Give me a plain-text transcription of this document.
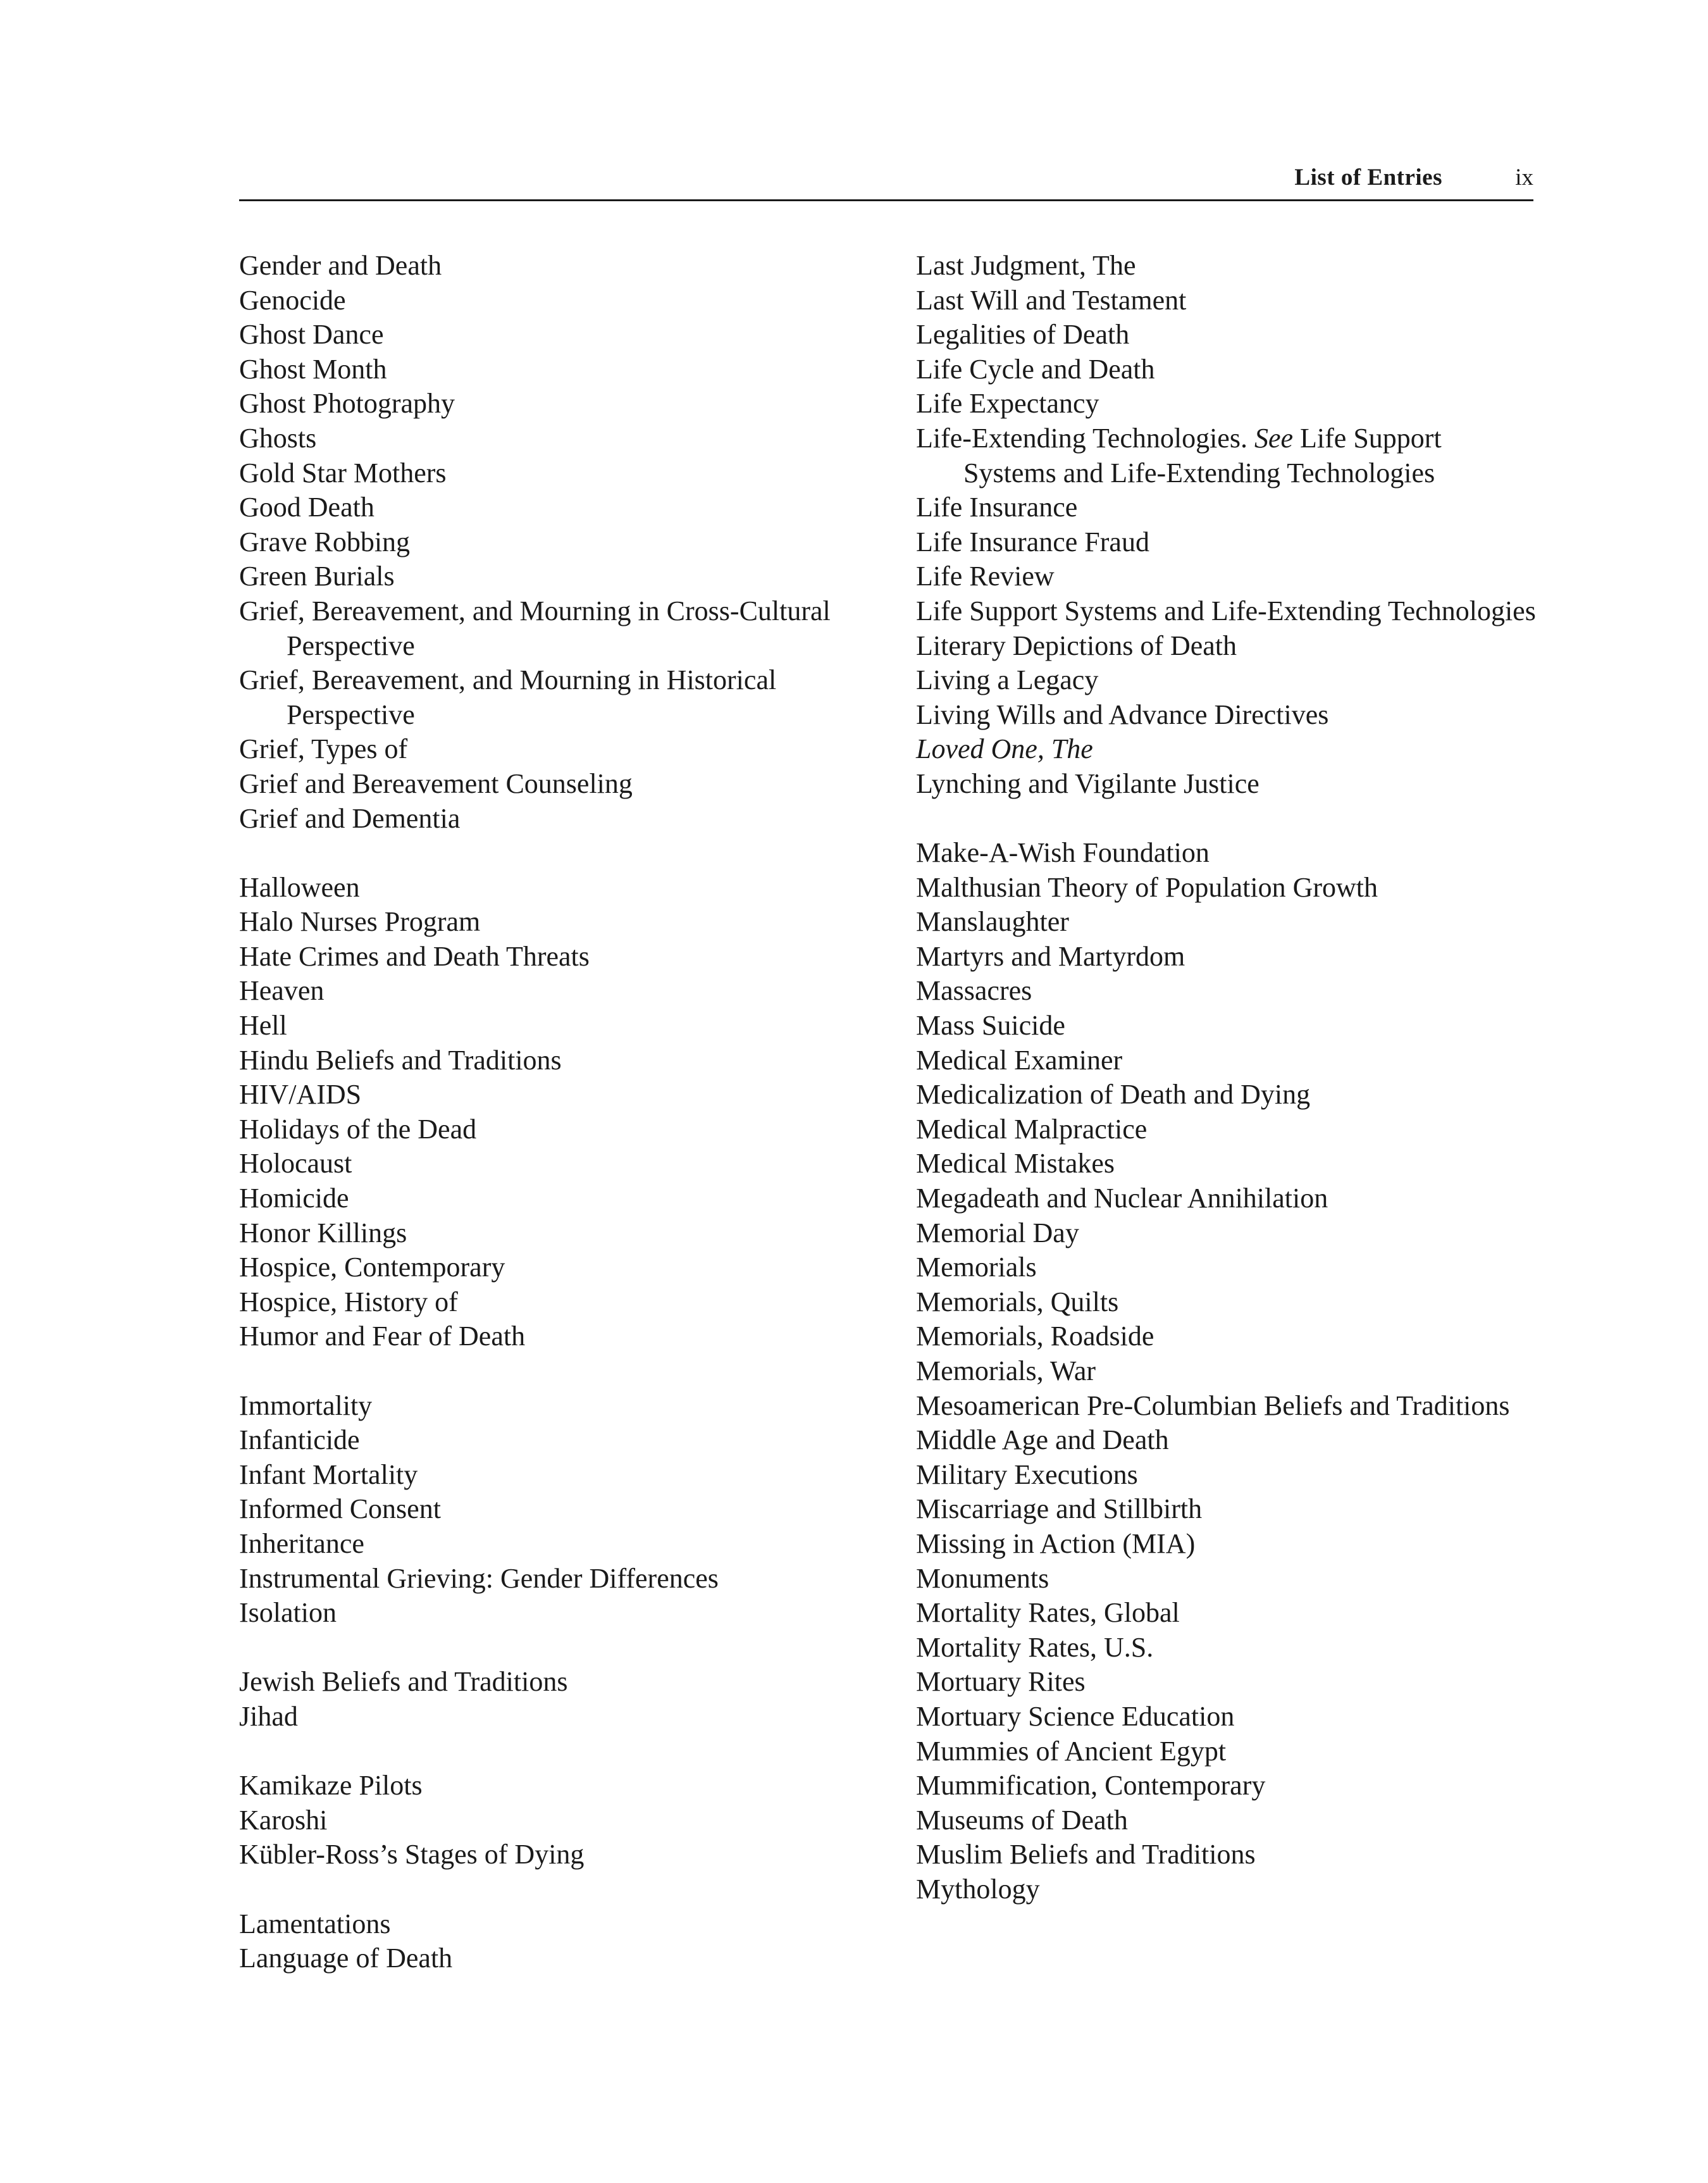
List of Entries	ix
Gender and Death
Genocide
Ghost Dance
Ghost Month
Ghost Photography
Ghosts
Gold Star Mothers
Good Death
Grave Robbing
Green Burials
Grief, Bereavement, and Mourning in Cross-Cultural Perspective
Grief, Bereavement, and Mourning in Historical Perspective
Grief, Types of
Grief and Bereavement Counseling
Grief and Dementia
Halloween
Halo Nurses Program
Hate Crimes and Death Threats
Heaven
Hell
Hindu Beliefs and Traditions
HIV/AIDS
Holidays of the Dead
Holocaust
Homicide
Honor Killings
Hospice, Contemporary
Hospice, History of
Humor and Fear of Death
Immortality
Infanticide
Infant Mortality
Informed Consent
Inheritance
Instrumental Grieving: Gender Differences
Isolation
Jewish Beliefs and Traditions
Jihad
Kamikaze Pilots
Karoshi
Kübler-Ross’s Stages of Dying
Lamentations
Language of Death
Last Judgment, The
Last Will and Testament
Legalities of Death
Life Cycle and Death
Life Expectancy
Life-Extending Technologies. See Life Support Systems and Life-Extending Technologies
Life Insurance
Life Insurance Fraud
Life Review
Life Support Systems and Life-Extending Technologies
Literary Depictions of Death
Living a Legacy
Living Wills and Advance Directives
Loved One, The
Lynching and Vigilante Justice
Make-A-Wish Foundation
Malthusian Theory of Population Growth
Manslaughter
Martyrs and Martyrdom
Massacres
Mass Suicide
Medical Examiner
Medicalization of Death and Dying
Medical Malpractice
Medical Mistakes
Megadeath and Nuclear Annihilation
Memorial Day
Memorials
Memorials, Quilts
Memorials, Roadside
Memorials, War
Mesoamerican Pre-Columbian Beliefs and Traditions
Middle Age and Death
Military Executions
Miscarriage and Stillbirth
Missing in Action (MIA)
Monuments
Mortality Rates, Global
Mortality Rates, U.S.
Mortuary Rites
Mortuary Science Education
Mummies of Ancient Egypt
Mummification, Contemporary
Museums of Death
Muslim Beliefs and Traditions
Mythology
